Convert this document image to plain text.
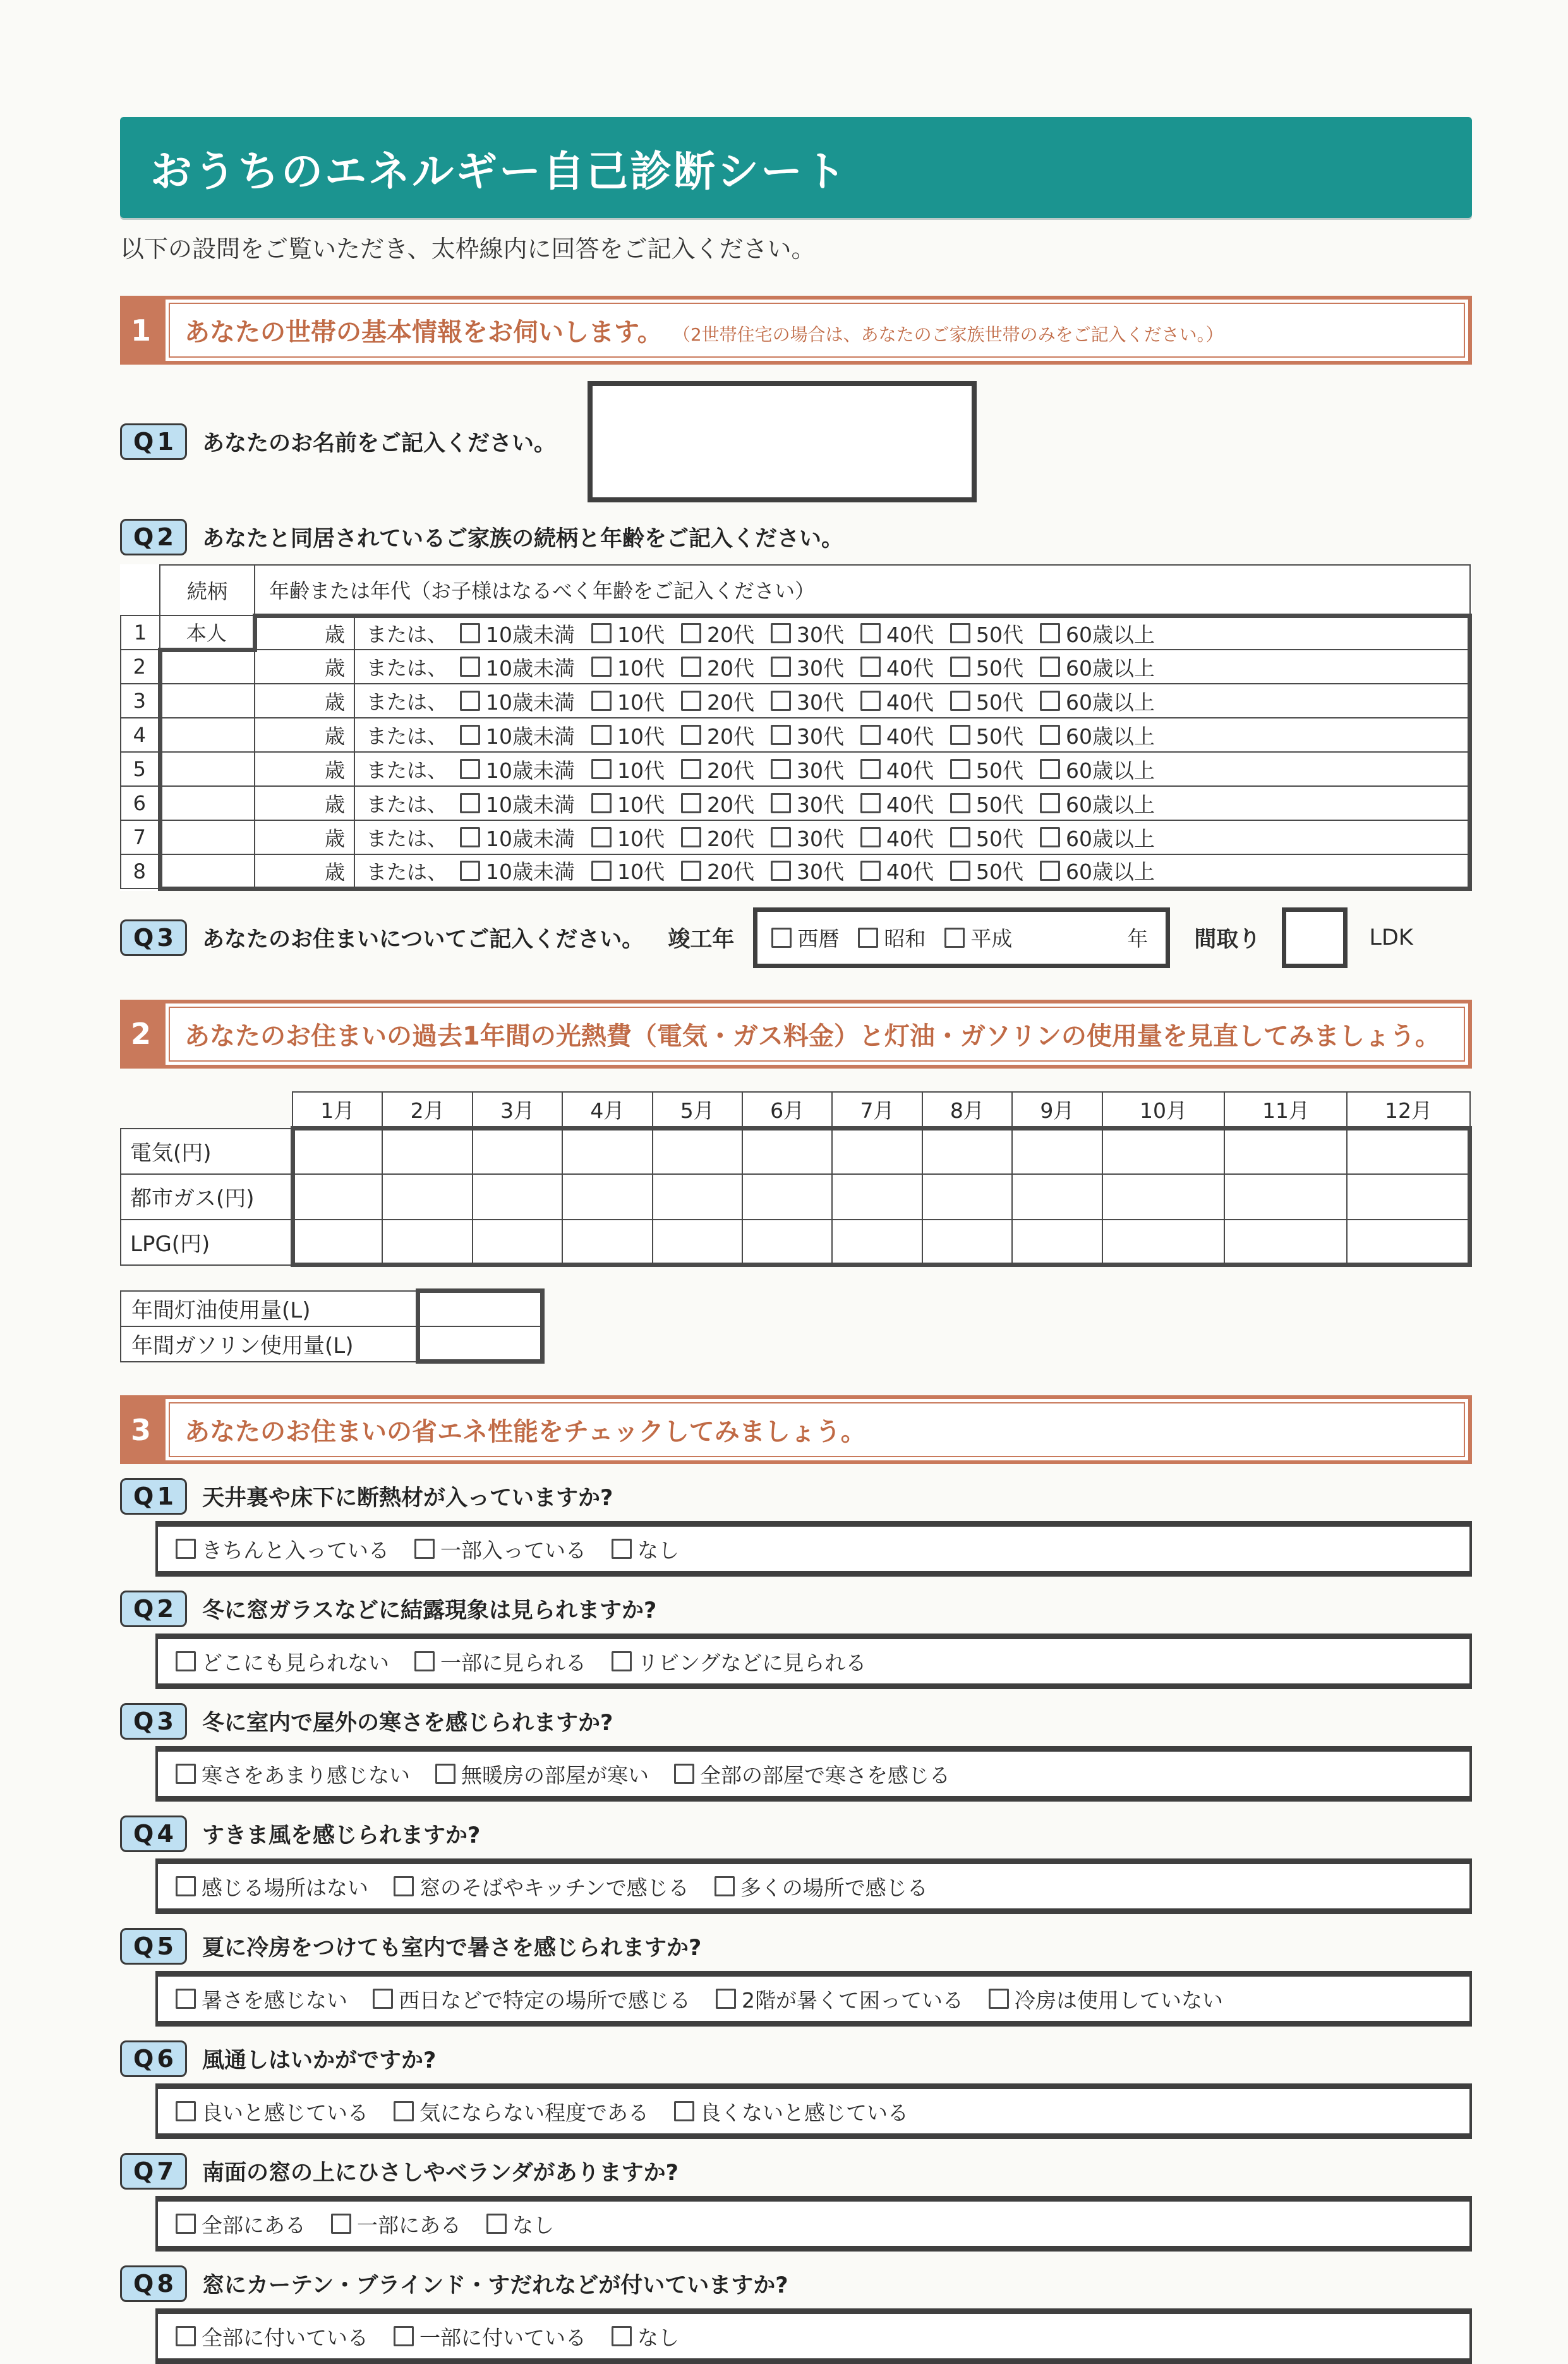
おうちのエネルギー自己診断シート
以下の設問をご覧いただき、太枠線内に回答をご記入ください。
1	あなたの世帯の基本情報をお伺いします。 （2世帯住宅の場合は、あなたのご家族世帯のみをご記入ください。）
Q 1 あなたのお名前をご記入ください。
Q 2 あなたと同居されているご家族の続柄と年齢をご記入ください。
	続柄	年齢または年代（お子様はなるべく年齢をご記入ください）	
1	本人	歳	または、 10歳未満 10代 20代 30代 40代 50代 60歳以上

2		歳	または、 10歳未満 10代 20代 30代 40代 50代 60歳以上

3		歳	または、 10歳未満 10代 20代 30代 40代 50代 60歳以上

4		歳	または、 10歳未満 10代 20代 30代 40代 50代 60歳以上

5		歳	または、 10歳未満 10代 20代 30代 40代 50代 60歳以上

6		歳	または、 10歳未満 10代 20代 30代 40代 50代 60歳以上

7		歳	または、 10歳未満 10代 20代 30代 40代 50代 60歳以上

8		歳	または、 10歳未満 10代 20代 30代 40代 50代 60歳以上
Q 3 あなたのお住まいについてご記入ください。 竣工年	西暦 昭和 平成	年 間取り	LDK
2	あなたのお住まいの過去1年間の光熱費（電気・ガス料金）と灯油・ガソリンの使用量を見直してみましょう。
	1月	2月	3月	4月	5月	6月	7月	8月	9月	10月	11月	12月
電気(円)												
都市ガス(円)												
LPG(円)												
年間灯油使用量(L)	
年間ガソリン使用量(L)	
3	あなたのお住まいの省エネ性能をチェックしてみましょう。
Q 1 天井裏や床下に断熱材が入っていますか?
きちんと入っている 一部入っている なし
Q 2 冬に窓ガラスなどに結露現象は見られますか?
どこにも見られない 一部に見られる リビングなどに見られる
Q 3 冬に室内で屋外の寒さを感じられますか?
寒さをあまり感じない 無暖房の部屋が寒い 全部の部屋で寒さを感じる
Q 4 すきま風を感じられますか?
感じる場所はない 窓のそばやキッチンで感じる 多くの場所で感じる
Q 5 夏に冷房をつけても室内で暑さを感じられますか?
暑さを感じない 西日などで特定の場所で感じる 2階が暑くて困っている 冷房は使用していない
Q 6 風通しはいかがですか?
良いと感じている 気にならない程度である 良くないと感じている
Q 7 南面の窓の上にひさしやベランダがありますか?
全部にある 一部にある なし
Q 8 窓にカーテン・ブラインド・すだれなどが付いていますか?
全部に付いている 一部に付いている なし
